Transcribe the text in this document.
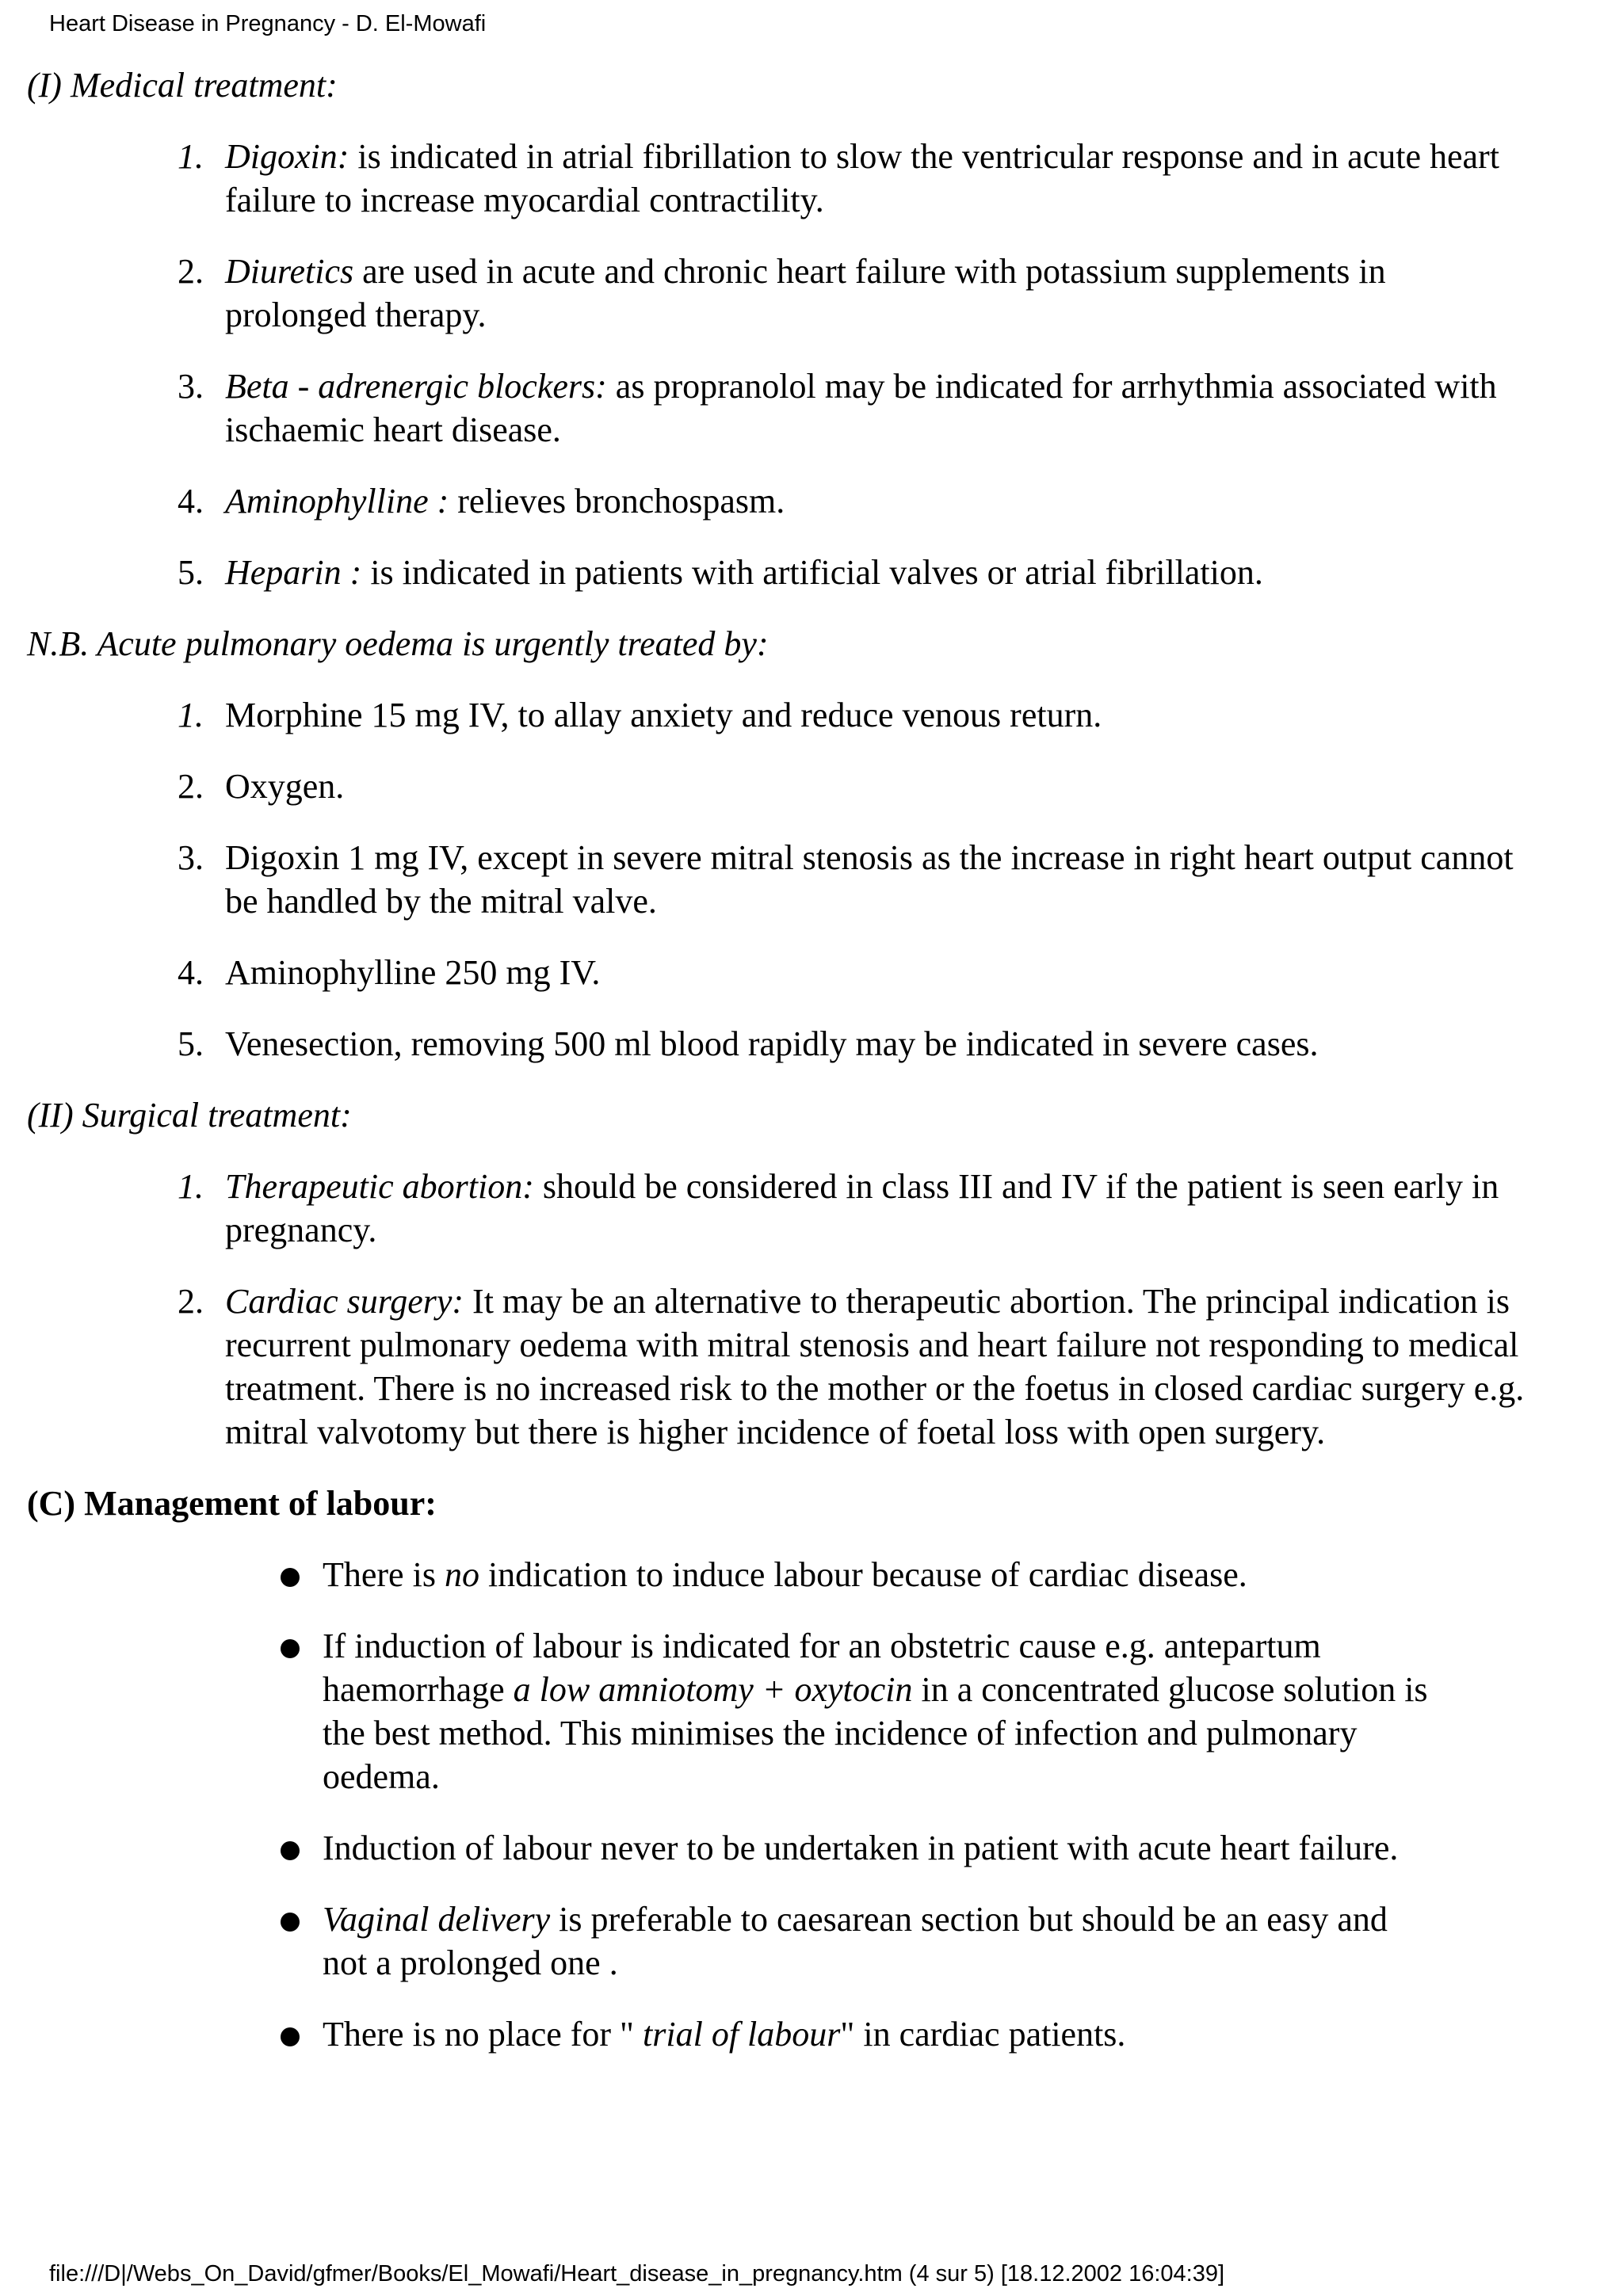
Heart Disease in Pregnancy - D. El-Mowafi
(I) Medical treatment:
1. Digoxin: is indicated in atrial fibrillation to slow the ventricular response and in acute heart failure to increase myocardial contractility.
2. Diuretics are used in acute and chronic heart failure with potassium supplements in prolonged therapy.
3. Beta - adrenergic blockers: as propranolol may be indicated for arrhythmia associated with ischaemic heart disease.
4. Aminophylline : relieves bronchospasm.
5. Heparin : is indicated in patients with artificial valves or atrial fibrillation.
N.B. Acute pulmonary oedema is urgently treated by:
1. Morphine 15 mg IV, to allay anxiety and reduce venous return.
2. Oxygen.
3. Digoxin 1 mg IV, except in severe mitral stenosis as the increase in right heart output cannot be handled by the mitral valve.
4. Aminophylline 250 mg IV.
5. Venesection, removing 500 ml blood rapidly may be indicated in severe cases.
(II) Surgical treatment:
1. Therapeutic abortion: should be considered in class III and IV if the patient is seen early in pregnancy.
2. Cardiac surgery: It may be an alternative to therapeutic abortion. The principal indication is recurrent pulmonary oedema with mitral stenosis and heart failure not responding to medical treatment. There is no increased risk to the mother or the foetus in closed cardiac surgery e.g. mitral valvotomy but there is higher incidence of foetal loss with open surgery.
(C) Management of labour:
There is no indication to induce labour because of cardiac disease.
If induction of labour is indicated for an obstetric cause e.g. antepartum haemorrhage a low amniotomy + oxytocin in a concentrated glucose solution is the best method. This minimises the incidence of infection and pulmonary oedema.
Induction of labour never to be undertaken in patient with acute heart failure.
Vaginal delivery is preferable to caesarean section but should be an easy and not a prolonged one .
There is no place for " trial of labour" in cardiac patients.
file:///D|/Webs_On_David/gfmer/Books/El_Mowafi/Heart_disease_in_pregnancy.htm (4 sur 5) [18.12.2002 16:04:39]
